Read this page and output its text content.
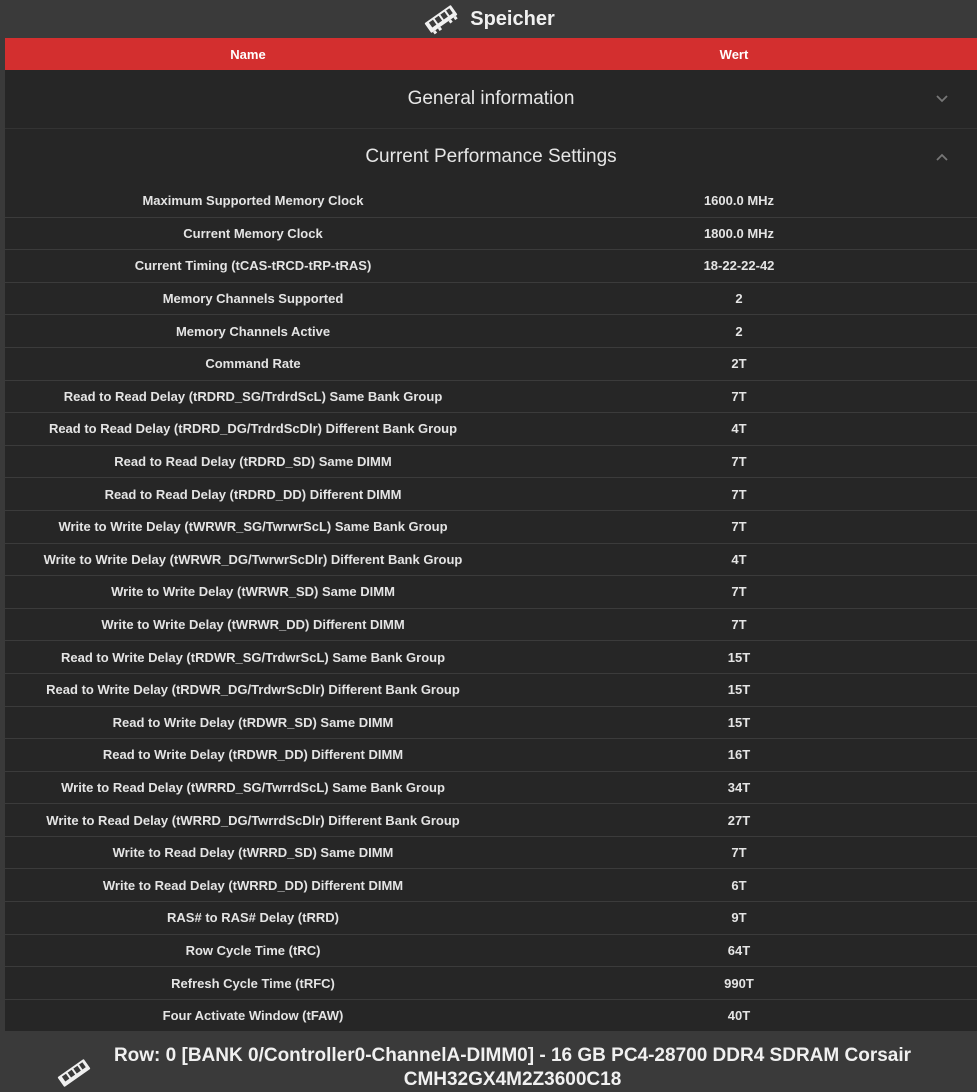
Speicher
Name	Wert
General information
Current Performance Settings
Maximum Supported Memory Clock	1600.0 MHz
Current Memory Clock	1800.0 MHz
Current Timing (tCAS-tRCD-tRP-tRAS)	18-22-22-42
Memory Channels Supported	2
Memory Channels Active	2
Command Rate	2T
Read to Read Delay (tRDRD_SG/TrdrdScL) Same Bank Group	7T
Read to Read Delay (tRDRD_DG/TrdrdScDlr) Different Bank Group	4T
Read to Read Delay (tRDRD_SD) Same DIMM	7T
Read to Read Delay (tRDRD_DD) Different DIMM	7T
Write to Write Delay (tWRWR_SG/TwrwrScL) Same Bank Group	7T
Write to Write Delay (tWRWR_DG/TwrwrScDlr) Different Bank Group	4T
Write to Write Delay (tWRWR_SD) Same DIMM	7T
Write to Write Delay (tWRWR_DD) Different DIMM	7T
Read to Write Delay (tRDWR_SG/TrdwrScL) Same Bank Group	15T
Read to Write Delay (tRDWR_DG/TrdwrScDlr) Different Bank Group	15T
Read to Write Delay (tRDWR_SD) Same DIMM	15T
Read to Write Delay (tRDWR_DD) Different DIMM	16T
Write to Read Delay (tWRRD_SG/TwrrdScL) Same Bank Group	34T
Write to Read Delay (tWRRD_DG/TwrrdScDlr) Different Bank Group	27T
Write to Read Delay (tWRRD_SD) Same DIMM	7T
Write to Read Delay (tWRRD_DD) Different DIMM	6T
RAS# to RAS# Delay (tRRD)	9T
Row Cycle Time (tRC)	64T
Refresh Cycle Time (tRFC)	990T
Four Activate Window (tFAW)	40T
Row: 0 [BANK 0/Controller0-ChannelA-DIMM0] - 16 GB PC4-28700 DDR4 SDRAM Corsair CMH32GX4M2Z3600C18
